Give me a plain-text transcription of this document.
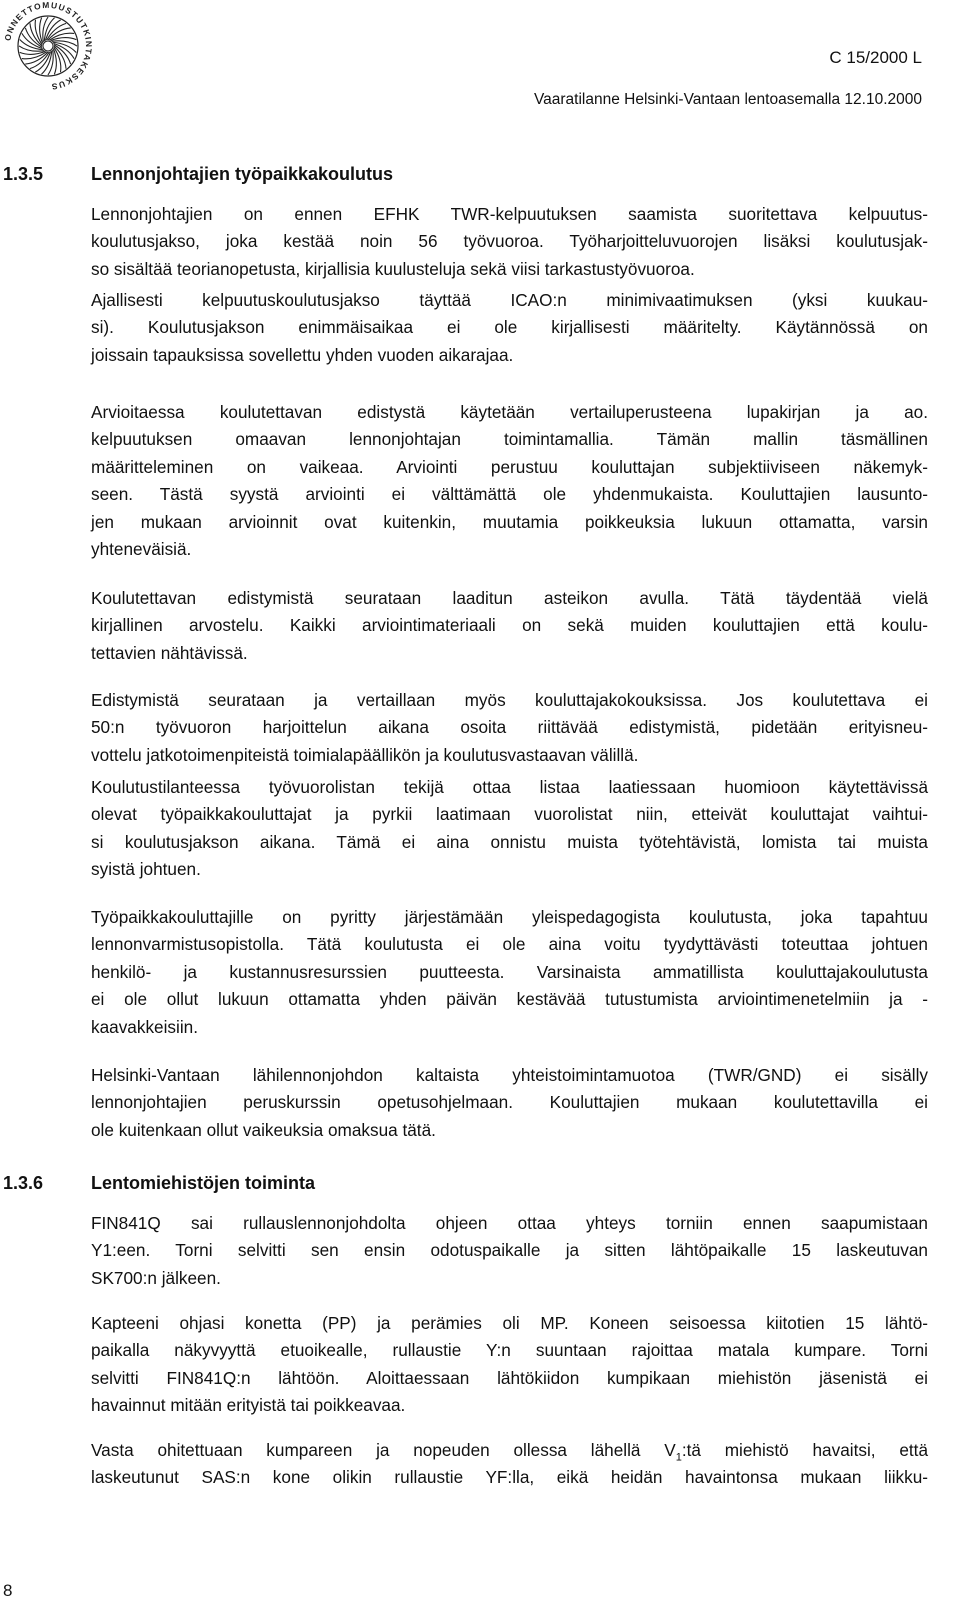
ONNETTOMUUSTUTKINTAKESKUS
C 15/2000 L
Vaaratilanne Helsinki-Vantaan lentoasemalla 12.10.2000
1.3.5	Lennonjohtajien työpaikkakoulutus
Lennonjohtajien on ennen EFHK TWR-kelpuutuksen saamista suoritettava kelpuutus-
koulutusjakso, joka kestää noin 56 työvuoroa. Työharjoitteluvuorojen lisäksi koulutusjak-
so sisältää teorianopetusta, kirjallisia kuulusteluja sekä viisi tarkastustyövuoroa.
Ajallisesti kelpuutuskoulutusjakso täyttää ICAO:n minimivaatimuksen (yksi kuukau-
si). Koulutusjakson enimmäisaikaa ei ole kirjallisesti määritelty. Käytännössä on
joissain tapauksissa sovellettu yhden vuoden aikarajaa.
Arvioitaessa koulutettavan edistystä käytetään vertailuperusteena lupakirjan ja ao.
kelpuutuksen omaavan lennonjohtajan toimintamallia. Tämän mallin täsmällinen
määritteleminen on vaikeaa. Arviointi perustuu kouluttajan subjektiiviseen näkemyk-
seen. Tästä syystä arviointi ei välttämättä ole yhdenmukaista. Kouluttajien lausunto-
jen mukaan arvioinnit ovat kuitenkin, muutamia poikkeuksia lukuun ottamatta, varsin
yhteneväisiä.
Koulutettavan edistymistä seurataan laaditun asteikon avulla. Tätä täydentää vielä
kirjallinen arvostelu. Kaikki arviointimateriaali on sekä muiden kouluttajien että koulu-
tettavien nähtävissä.
Edistymistä seurataan ja vertaillaan myös kouluttajakokouksissa. Jos koulutettava ei
50:n työvuoron harjoittelun aikana osoita riittävää edistymistä, pidetään erityisneu-
vottelu jatkotoimenpiteistä toimialapäällikön ja koulutusvastaavan välillä.
Koulutustilanteessa työvuorolistan tekijä ottaa listaa laatiessaan huomioon käytettävissä
olevat työpaikkakouluttajat ja pyrkii laatimaan vuorolistat niin, etteivät kouluttajat vaihtui-
si koulutusjakson aikana. Tämä ei aina onnistu muista työtehtävistä, lomista tai muista
syistä johtuen.
Työpaikkakouluttajille on pyritty järjestämään yleispedagogista koulutusta, joka tapahtuu
lennonvarmistusopistolla. Tätä koulutusta ei ole aina voitu tyydyttävästi toteuttaa johtuen
henkilö- ja kustannusresurssien puutteesta. Varsinaista ammatillista kouluttajakoulutusta
ei ole ollut lukuun ottamatta yhden päivän kestävää tutustumista arviointimenetelmiin ja -
kaavakkeisiin.
Helsinki-Vantaan lähilennonjohdon kaltaista yhteistoimintamuotoa (TWR/GND) ei sisälly
lennonjohtajien peruskurssin opetusohjelmaan. Kouluttajien mukaan koulutettavilla ei
ole kuitenkaan ollut vaikeuksia omaksua tätä.
1.3.6	Lentomiehistöjen toiminta
FIN841Q sai rullauslennonjohdolta ohjeen ottaa yhteys torniin ennen saapumistaan
Y1:een. Torni selvitti sen ensin odotuspaikalle ja sitten lähtöpaikalle 15 laskeutuvan
SK700:n jälkeen.
Kapteeni ohjasi konetta (PP) ja perämies oli MP. Koneen seisoessa kiitotien 15 lähtö-
paikalla näkyvyyttä etuoikealle, rullaustie Y:n suuntaan rajoittaa matala kumpare. Torni
selvitti FIN841Q:n lähtöön. Aloittaessaan lähtökiidon kumpikaan miehistön jäsenistä ei
havainnut mitään erityistä tai poikkeavaa.
Vasta ohitettuaan kumpareen ja nopeuden ollessa lähellä $V_1:tä$ miehistö havaitsi, että
laskeutunut SAS:n kone olikin rullaustie YF:lla, eikä heidän havaintonsa mukaan liikku-
8
